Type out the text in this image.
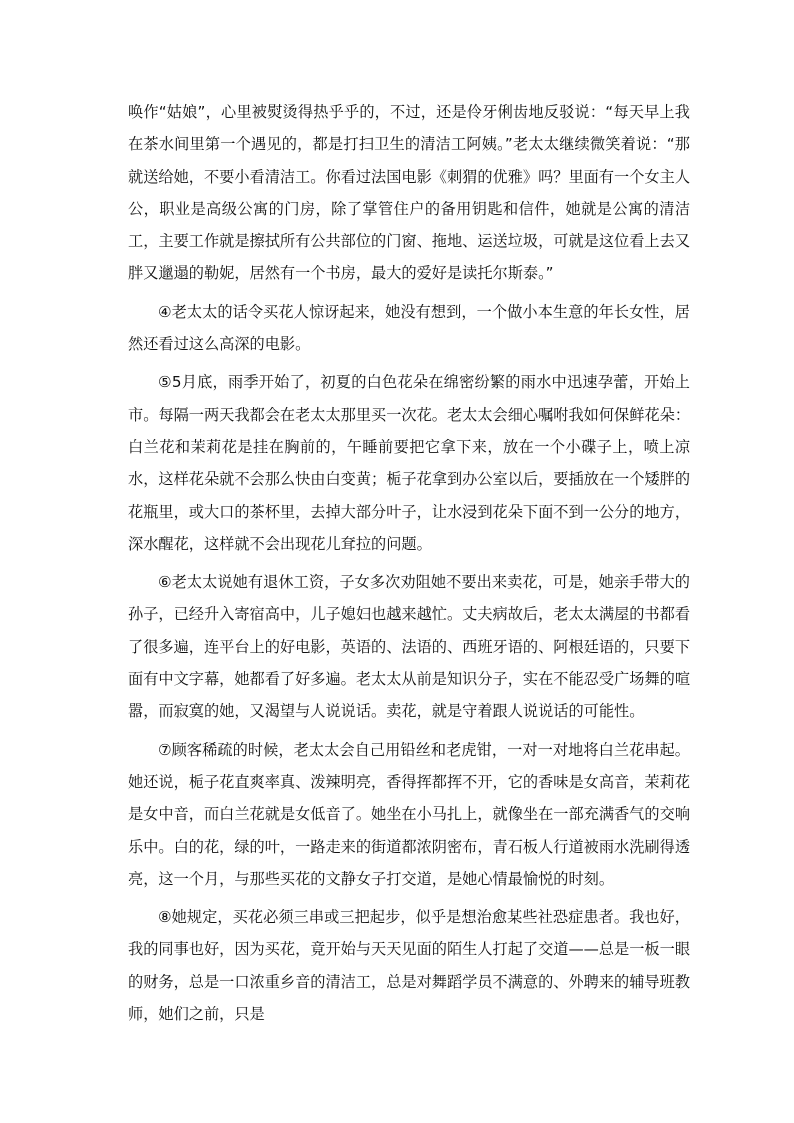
唤作“姑娘”，心里被熨烫得热乎乎的，不过，还是伶牙俐齿地反驳说：“每天早上我在茶水间里第一个遇见的，都是打扫卫生的清洁工阿姨。”老太太继续微笑着说：“那就送给她，不要小看清洁工。你看过法国电影《刺猬的优雅》吗？里面有一个女主人公，职业是高级公寓的门房，除了掌管住户的备用钥匙和信件，她就是公寓的清洁工，主要工作就是擦拭所有公共部位的门窗、拖地、运送垃圾，可就是这位看上去又胖又邋遢的勒妮，居然有一个书房，最大的爱好是读托尔斯泰。”

④老太太的话令买花人惊讶起来，她没有想到，一个做小本生意的年长女性，居然还看过这么高深的电影。

⑤5月底，雨季开始了，初夏的白色花朵在绵密纷繁的雨水中迅速孕蕾，开始上市。每隔一两天我都会在老太太那里买一次花。老太太会细心嘱咐我如何保鲜花朵：白兰花和茉莉花是挂在胸前的，午睡前要把它拿下来，放在一个小碟子上，喷上凉水，这样花朵就不会那么快由白变黄；栀子花拿到办公室以后，要插放在一个矮胖的花瓶里，或大口的茶杯里，去掉大部分叶子，让水浸到花朵下面不到一公分的地方，深水醒花，这样就不会出现花儿耷拉的问题。

⑥老太太说她有退休工资，子女多次劝阻她不要出来卖花，可是，她亲手带大的孙子，已经升入寄宿高中，儿子媳妇也越来越忙。丈夫病故后，老太太满屋的书都看了很多遍，连平台上的好电影，英语的、法语的、西班牙语的、阿根廷语的，只要下面有中文字幕，她都看了好多遍。老太太从前是知识分子，实在不能忍受广场舞的喧嚣，而寂寞的她，又渴望与人说说话。卖花，就是守着跟人说说话的可能性。

⑦顾客稀疏的时候，老太太会自己用铅丝和老虎钳，一对一对地将白兰花串起。她还说，栀子花直爽率真、泼辣明亮，香得挥都挥不开，它的香味是女高音，茉莉花是女中音，而白兰花就是女低音了。她坐在小马扎上，就像坐在一部充满香气的交响乐中。白的花，绿的叶，一路走来的街道都浓阴密布，青石板人行道被雨水洗刷得透亮，这一个月，与那些买花的文静女子打交道，是她心情最愉悦的时刻。

⑧她规定，买花必须三串或三把起步，似乎是想治愈某些社恐症患者。我也好，我的同事也好，因为买花，竟开始与天天见面的陌生人打起了交道——总是一板一眼的财务，总是一口浓重乡音的清洁工，总是对舞蹈学员不满意的、外聘来的辅导班教师，她们之前，只是
